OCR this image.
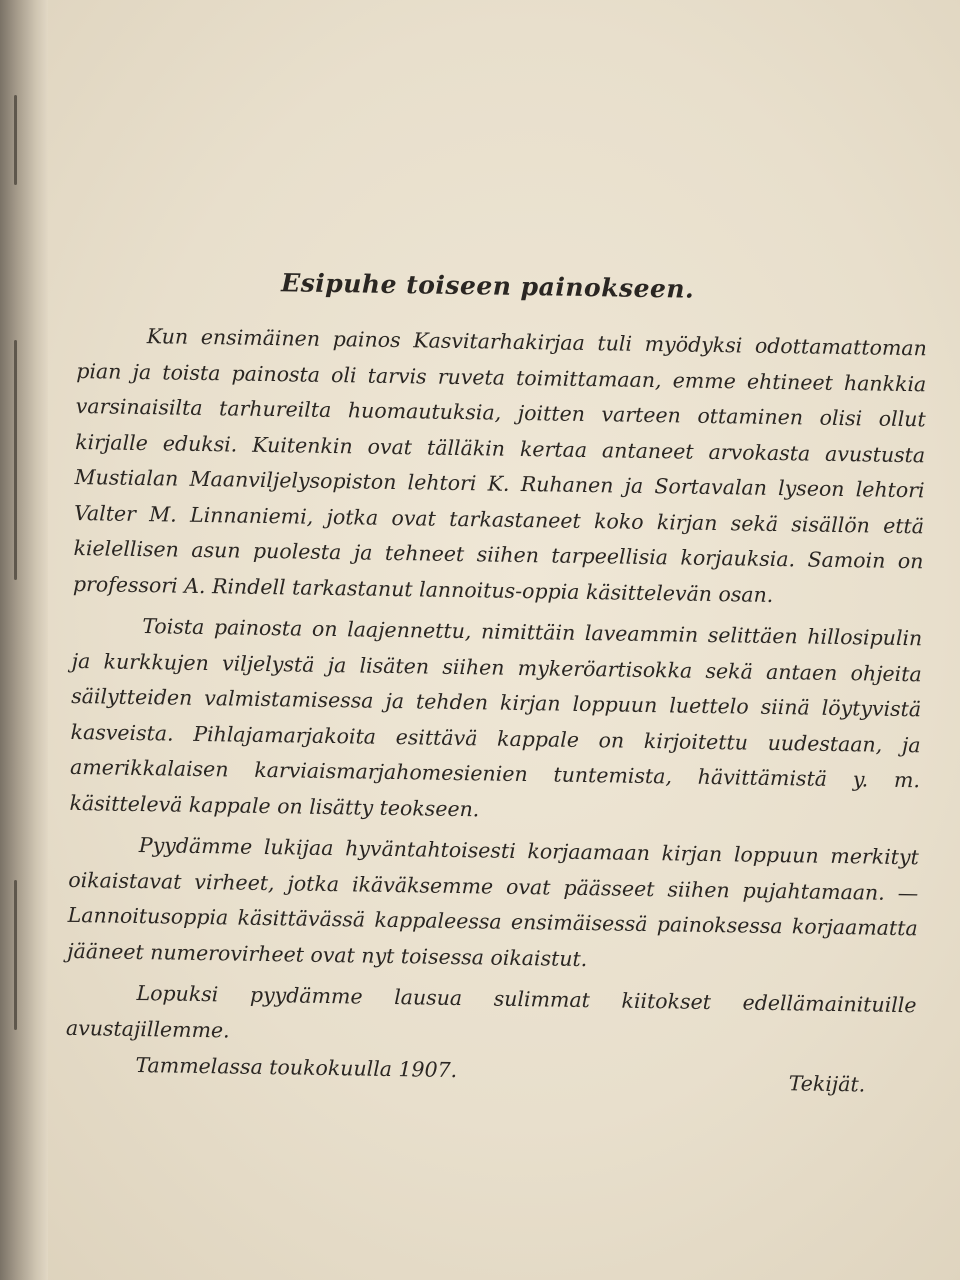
Esipuhe toiseen painokseen.

Kun ensimäinen painos Kasvitarhakirjaa tuli myödyksi odottamattoman pian ja toista painosta oli tarvis ruveta toimittamaan, emme ehtineet hankkia varsinaisilta tarhureilta huomautuksia, joitten varteen ottaminen olisi ollut kirjalle eduksi. Kuitenkin ovat tälläkin kertaa antaneet arvokasta avustusta Mustialan Maanviljelysopiston lehtori K. Ruhanen ja Sortavalan lyseon lehtori Valter M. Linnaniemi, jotka ovat tarkastaneet koko kirjan sekä sisällön että kielellisen asun puolesta ja tehneet siihen tarpeellisia korjauksia. Samoin on professori A. Rindell tarkastanut lannoitus-oppia käsittelevän osan.

Toista painosta on laajennettu, nimittäin laveammin selittäen hillosipulin ja kurkkujen viljelystä ja lisäten siihen mykeröartisokka sekä antaen ohjeita säilytteiden valmistamisessa ja tehden kirjan loppuun luettelo siinä löytyvistä kasveista. Pihlajamarjakoita esittävä kappale on kirjoitettu uudestaan, ja amerikkalaisen karviaismarjahomesienien tuntemista, hävittämistä y. m. käsittelevä kappale on lisätty teokseen.

Pyydämme lukijaa hyväntahtoisesti korjaamaan kirjan loppuun merkityt oikaistavat virheet, jotka ikäväksemme ovat päässeet siihen pujahtamaan. — Lannoitusoppia käsittävässä kappaleessa ensimäisessä painoksessa korjaamatta jääneet numerovirheet ovat nyt toisessa oikaistut.

Lopuksi pyydämme lausua sulimmat kiitokset edellämainituille avustajillemme.

Tammelassa toukokuulla 1907.
Tekijät.
